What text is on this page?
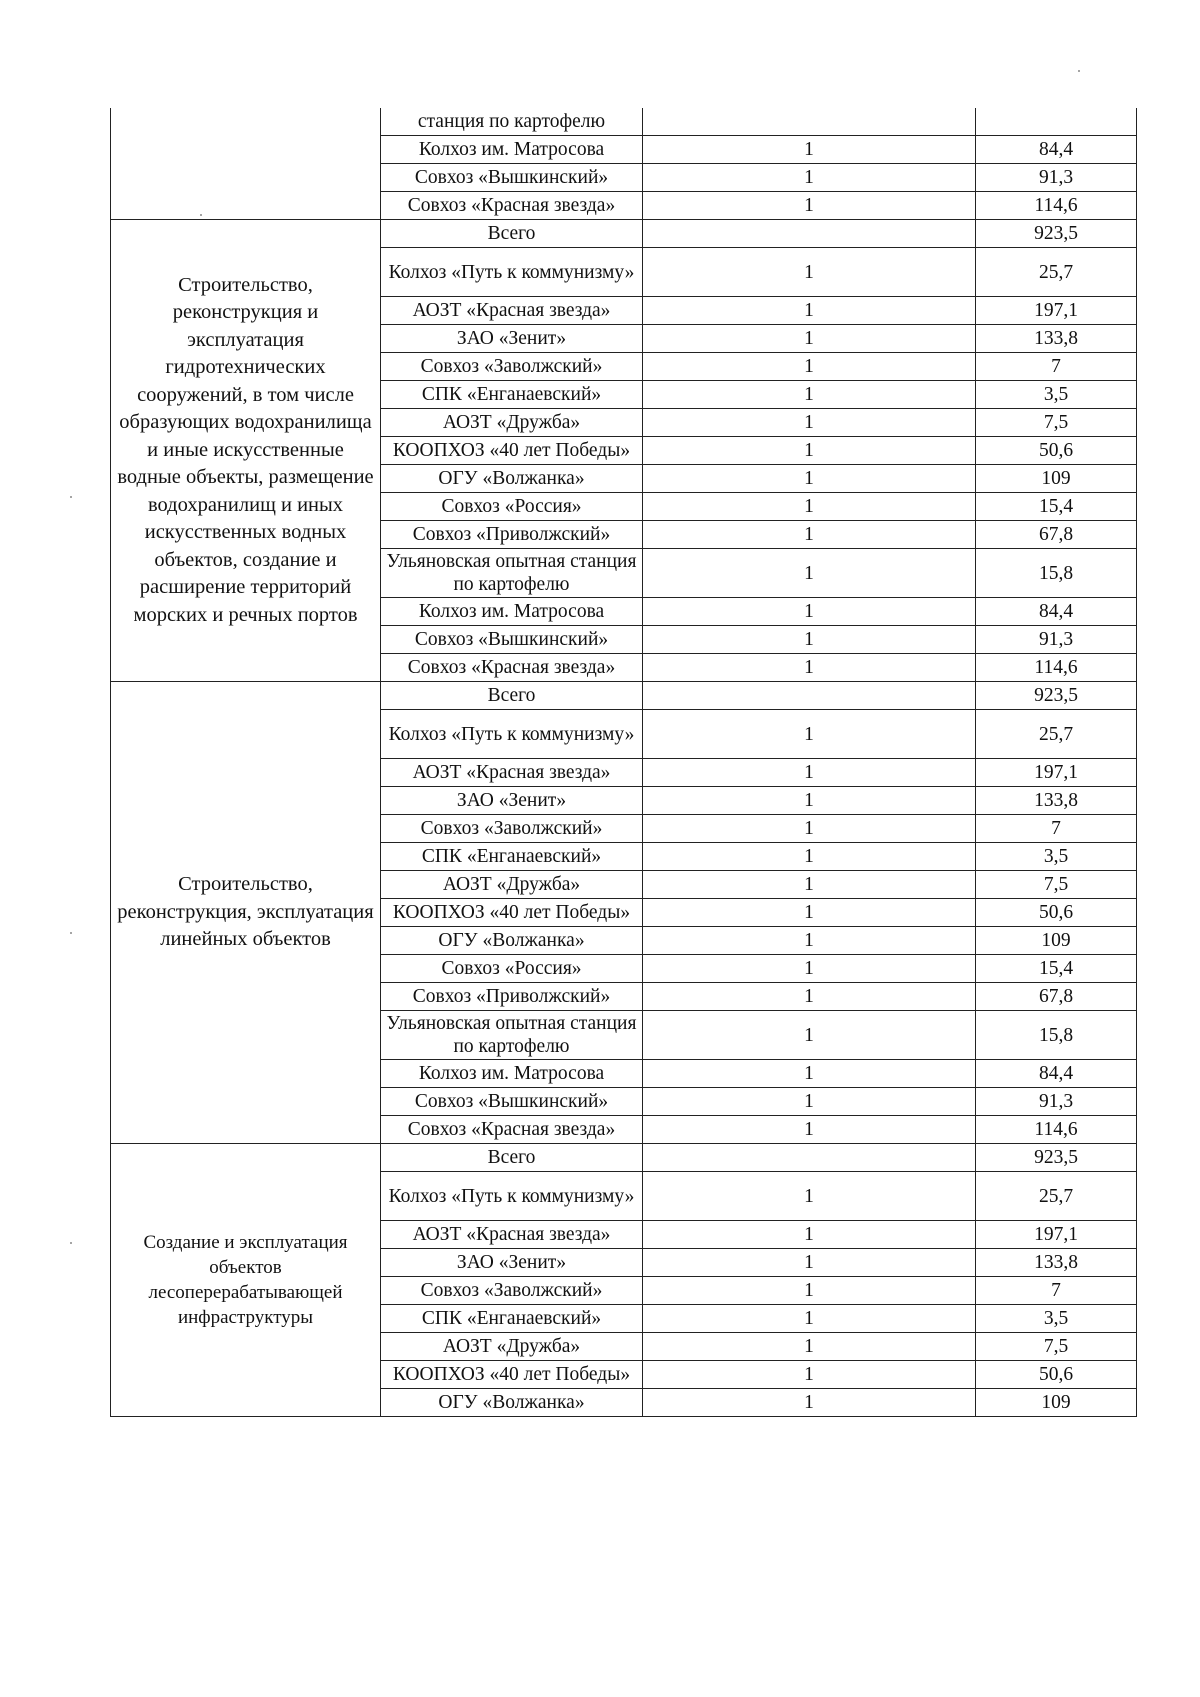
	станция по картофелю		
	Колхоз им. Матросова	1	84,4
	Совхоз «Вышкинский»	1	91,3
	Совхоз «Красная звезда»	1	114,6
Строительство, реконструкция и эксплуатация гидротехнических сооружений, в том числе образующих водохранилища и иные искусственные водные объекты, размещение водохранилищ и иных искусственных водных объектов, создание и расширение территорий морских и речных портов	Всего		923,5
	Колхоз «Путь к коммунизму»	1	25,7
	АОЗТ «Красная звезда»	1	197,1
	ЗАО «Зенит»	1	133,8
	Совхоз «Заволжский»	1	7
	СПК «Енганаевский»	1	3,5
	АОЗТ «Дружба»	1	7,5
	КООПХОЗ «40 лет Победы»	1	50,6
	ОГУ «Волжанка»	1	109
	Совхоз «Россия»	1	15,4
	Совхоз «Приволжский»	1	67,8
	Ульяновская опытная станция по картофелю	1	15,8
	Колхоз им. Матросова	1	84,4
	Совхоз «Вышкинский»	1	91,3
	Совхоз «Красная звезда»	1	114,6
Строительство, реконструкция, эксплуатация линейных объектов	Всего		923,5
	Колхоз «Путь к коммунизму»	1	25,7
	АОЗТ «Красная звезда»	1	197,1
	ЗАО «Зенит»	1	133,8
	Совхоз «Заволжский»	1	7
	СПК «Енганаевский»	1	3,5
	АОЗТ «Дружба»	1	7,5
	КООПХОЗ «40 лет Победы»	1	50,6
	ОГУ «Волжанка»	1	109
	Совхоз «Россия»	1	15,4
	Совхоз «Приволжский»	1	67,8
	Ульяновская опытная станция по картофелю	1	15,8
	Колхоз им. Матросова	1	84,4
	Совхоз «Вышкинский»	1	91,3
	Совхоз «Красная звезда»	1	114,6
Создание и эксплуатация объектов лесоперерабатывающей инфраструктуры	Всего		923,5
	Колхоз «Путь к коммунизму»	1	25,7
	АОЗТ «Красная звезда»	1	197,1
	ЗАО «Зенит»	1	133,8
	Совхоз «Заволжский»	1	7
	СПК «Енганаевский»	1	3,5
	АОЗТ «Дружба»	1	7,5
	КООПХОЗ «40 лет Победы»	1	50,6
	ОГУ «Волжанка»	1	109
